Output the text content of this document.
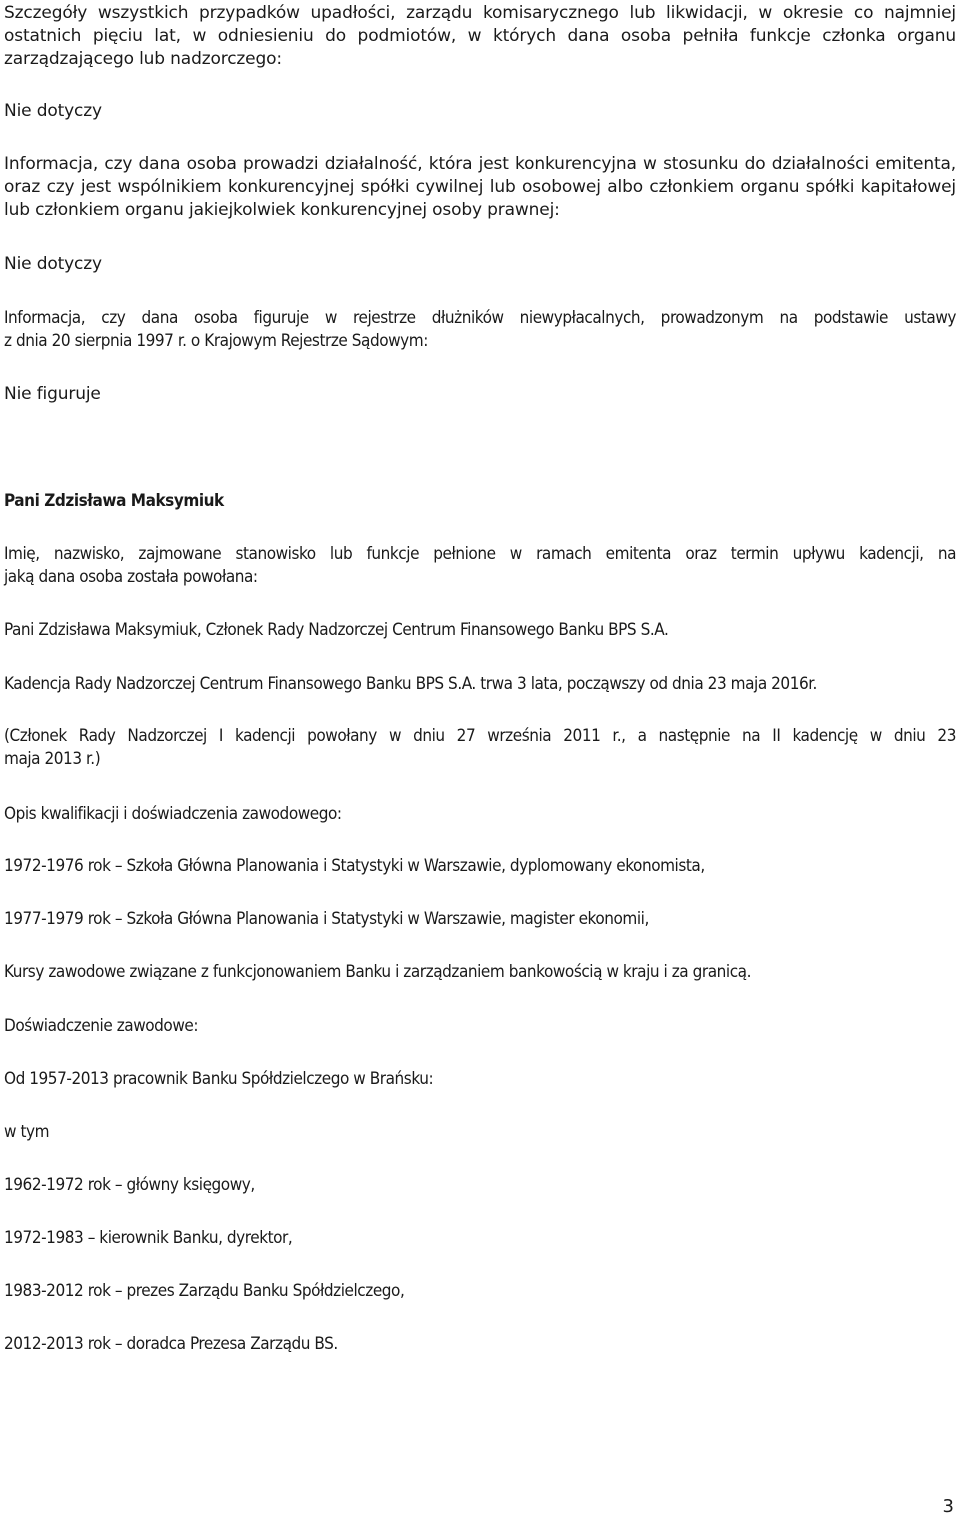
Szczegóły wszystkich przypadków upadłości, zarządu komisarycznego lub likwidacji, w okresie co najmniej
ostatnich pięciu lat, w odniesieniu do podmiotów, w których dana osoba pełniła funkcje członka organu
zarządzającego lub nadzorczego:

Nie dotyczy

Informacja, czy dana osoba prowadzi działalność, która jest konkurencyjna w stosunku do działalności emitenta,
oraz czy jest wspólnikiem konkurencyjnej spółki cywilnej lub osobowej albo członkiem organu spółki kapitałowej
lub członkiem organu jakiejkolwiek konkurencyjnej osoby prawnej:

Nie dotyczy

Informacja, czy dana osoba figuruje w rejestrze dłużników niewypłacalnych, prowadzonym na podstawie ustawy
z dnia 20 sierpnia 1997 r. o Krajowym Rejestrze Sądowym:

Nie figuruje

Pani Zdzisława Maksymiuk

Imię, nazwisko, zajmowane stanowisko lub funkcje pełnione w ramach emitenta oraz termin upływu kadencji, na
jaką dana osoba została powołana:

Pani Zdzisława Maksymiuk, Członek Rady Nadzorczej Centrum Finansowego Banku BPS S.A.

Kadencja Rady Nadzorczej Centrum Finansowego Banku BPS S.A. trwa 3 lata, począwszy od dnia 23 maja 2016r.

(Członek Rady Nadzorczej I kadencji powołany w dniu 27 września 2011 r., a następnie na II kadencję w dniu 23
maja 2013 r.)

Opis kwalifikacji i doświadczenia zawodowego:

1972-1976 rok – Szkoła Główna Planowania i Statystyki w Warszawie, dyplomowany ekonomista,

1977-1979 rok – Szkoła Główna Planowania i Statystyki w Warszawie, magister ekonomii,

Kursy zawodowe związane z funkcjonowaniem Banku i zarządzaniem bankowością w kraju i za granicą.

Doświadczenie zawodowe:

Od 1957-2013 pracownik Banku Spółdzielczego w Brańsku:

w tym

1962-1972 rok – główny księgowy,

1972-1983 – kierownik Banku, dyrektor,

1983-2012 rok – prezes Zarządu Banku Spółdzielczego,

2012-2013 rok – doradca Prezesa Zarządu BS.

3
